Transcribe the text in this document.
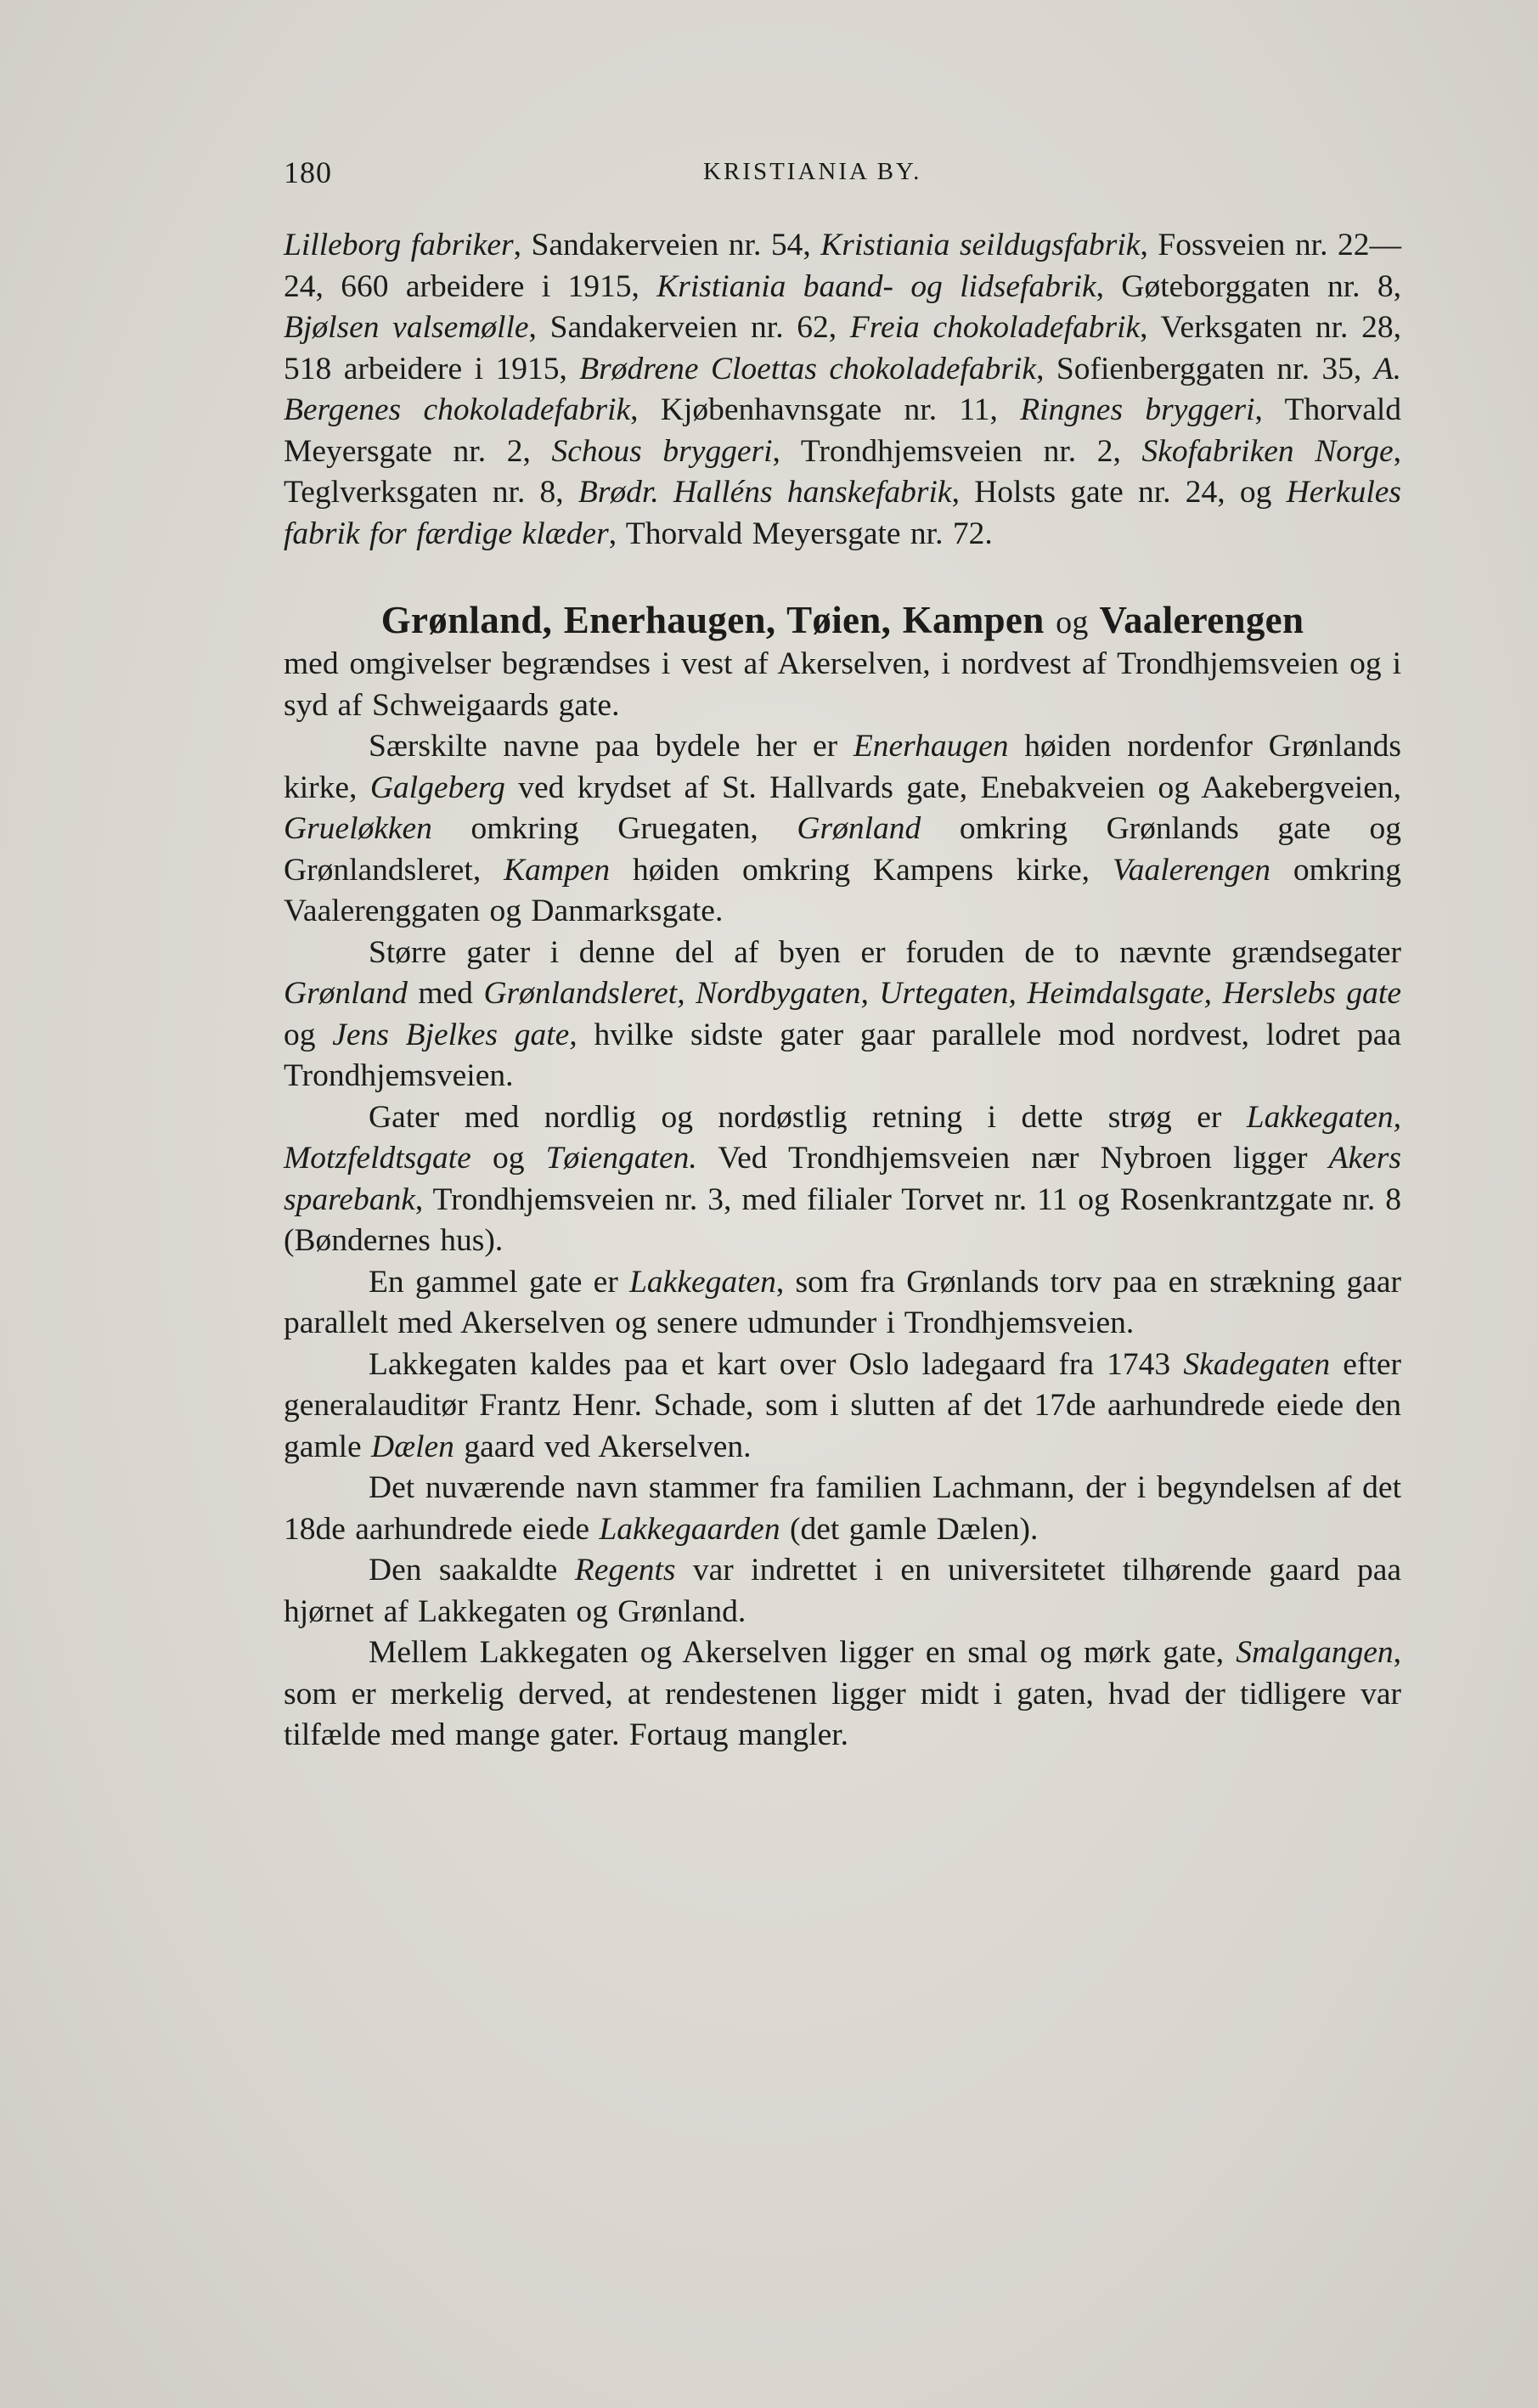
180	KRISTIANIA BY.

Lilleborg fabriker, Sandakerveien nr. 54, Kristiania seildugsfabrik, Fossveien nr. 22—24, 660 arbeidere i 1915, Kristiania baand- og lidsefabrik, Gøteborggaten nr. 8, Bjølsen valsemølle, Sandakerveien nr. 62, Freia chokoladefabrik, Verksgaten nr. 28, 518 arbeidere i 1915, Brødrene Cloettas chokoladefabrik, Sofienberggaten nr. 35, A. Bergenes chokoladefabrik, Kjøbenhavnsgate nr. 11, Ringnes bryggeri, Thorvald Meyersgate nr. 2, Schous bryggeri, Trondhjemsveien nr. 2, Skofabriken Norge, Teglverksgaten nr. 8, Brødr. Halléns hanskefabrik, Holsts gate nr. 24, og Herkules fabrik for færdige klæder, Thorvald Meyersgate nr. 72.

Grønland, Enerhaugen, Tøien, Kampen og Vaalerengen

med omgivelser begrændses i vest af Akerselven, i nordvest af Trondhjemsveien og i syd af Schweigaards gate.

Særskilte navne paa bydele her er Enerhaugen høiden nordenfor Grønlands kirke, Galgeberg ved krydset af St. Hallvards gate, Enebakveien og Aakebergveien, Grueløkken omkring Gruegaten, Grønland omkring Grønlands gate og Grønlandsleret, Kampen høiden omkring Kampens kirke, Vaalerengen omkring Vaalerenggaten og Danmarksgate.

Større gater i denne del af byen er foruden de to nævnte grændsegater Grønland med Grønlandsleret, Nordbygaten, Urtegaten, Heimdalsgate, Herslebs gate og Jens Bjelkes gate, hvilke sidste gater gaar parallele mod nordvest, lodret paa Trondhjemsveien.

Gater med nordlig og nordøstlig retning i dette strøg er Lakkegaten, Motzfeldtsgate og Tøiengaten. Ved Trondhjemsveien nær Nybroen ligger Akers sparebank, Trondhjemsveien nr. 3, med filialer Torvet nr. 11 og Rosenkrantzgate nr. 8 (Bøndernes hus).

En gammel gate er Lakkegaten, som fra Grønlands torv paa en strækning gaar parallelt med Akerselven og senere udmunder i Trondhjemsveien.

Lakkegaten kaldes paa et kart over Oslo ladegaard fra 1743 Skadegaten efter generalauditør Frantz Henr. Schade, som i slutten af det 17de aarhundrede eiede den gamle Dælen gaard ved Akerselven.

Det nuværende navn stammer fra familien Lachmann, der i begyndelsen af det 18de aarhundrede eiede Lakkegaarden (det gamle Dælen).

Den saakaldte Regents var indrettet i en universitetet tilhørende gaard paa hjørnet af Lakkegaten og Grønland.

Mellem Lakkegaten og Akerselven ligger en smal og mørk gate, Smalgangen, som er merkelig derved, at rendestenen ligger midt i gaten, hvad der tidligere var tilfælde med mange gater. Fortaug mangler.
